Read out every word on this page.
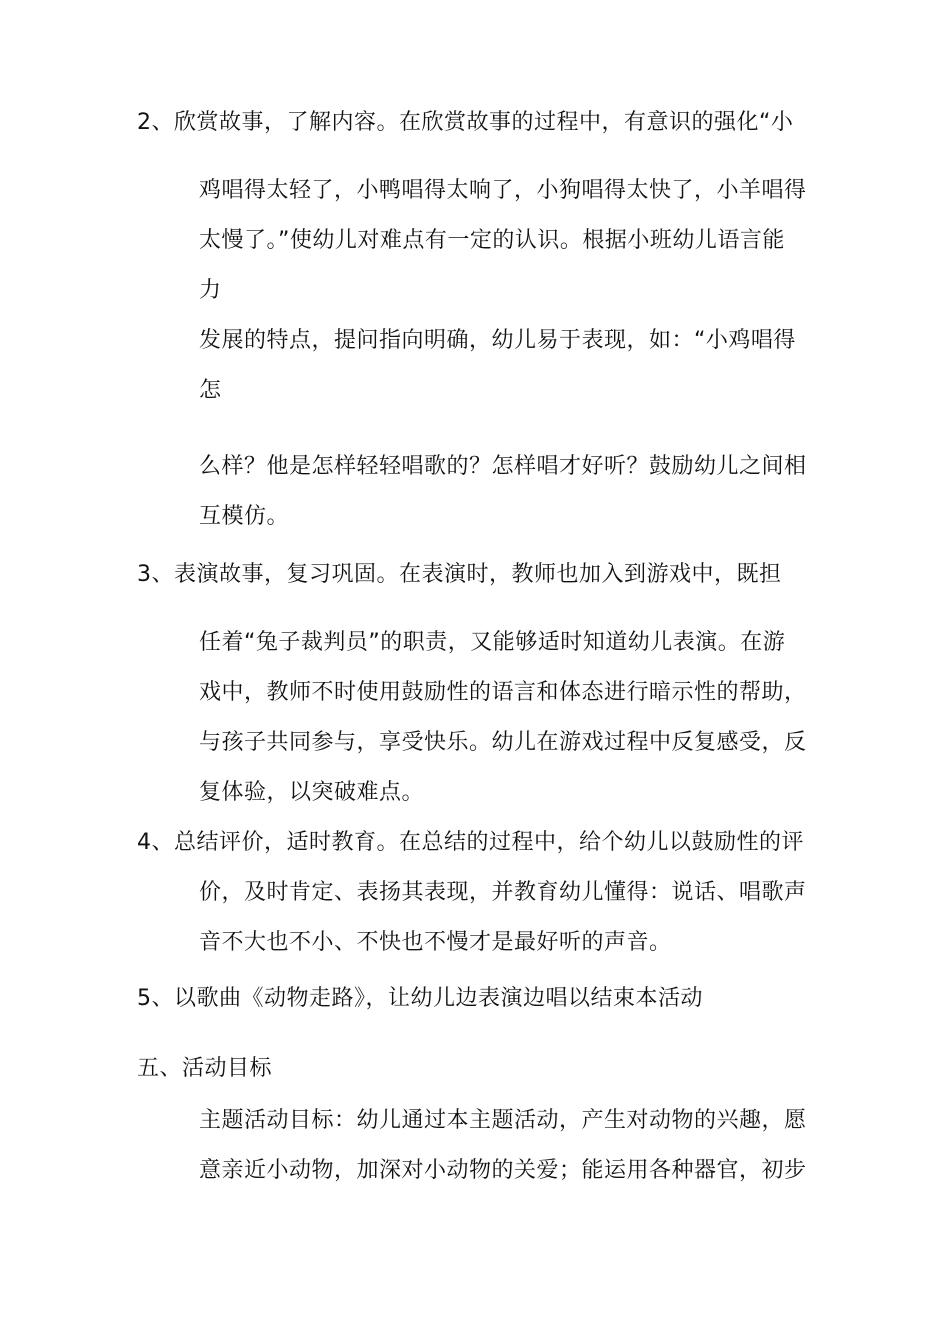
2、欣赏故事，了解内容。在欣赏故事的过程中，有意识的强化“小
鸡唱得太轻了，小鸭唱得太响了，小狗唱得太快了，小羊唱得
太慢了。”使幼儿对难点有一定的认识。根据小班幼儿语言能
力
发展的特点，提问指向明确，幼儿易于表现，如：“小鸡唱得
怎
么样？他是怎样轻轻唱歌的？怎样唱才好听？鼓励幼儿之间相
互模仿。
3、表演故事，复习巩固。在表演时，教师也加入到游戏中，既担
任着“兔子裁判员”的职责，又能够适时知道幼儿表演。在游
戏中，教师不时使用鼓励性的语言和体态进行暗示性的帮助，
与孩子共同参与，享受快乐。幼儿在游戏过程中反复感受，反
复体验，以突破难点。
4、总结评价，适时教育。在总结的过程中，给个幼儿以鼓励性的评
价，及时肯定、表扬其表现，并教育幼儿懂得：说话、唱歌声
音不大也不小、不快也不慢才是最好听的声音。
5、以歌曲《动物走路》，让幼儿边表演边唱以结束本活动
五、活动目标
主题活动目标：幼儿通过本主题活动，产生对动物的兴趣，愿
意亲近小动物，加深对小动物的关爱；能运用各种器官，初步
